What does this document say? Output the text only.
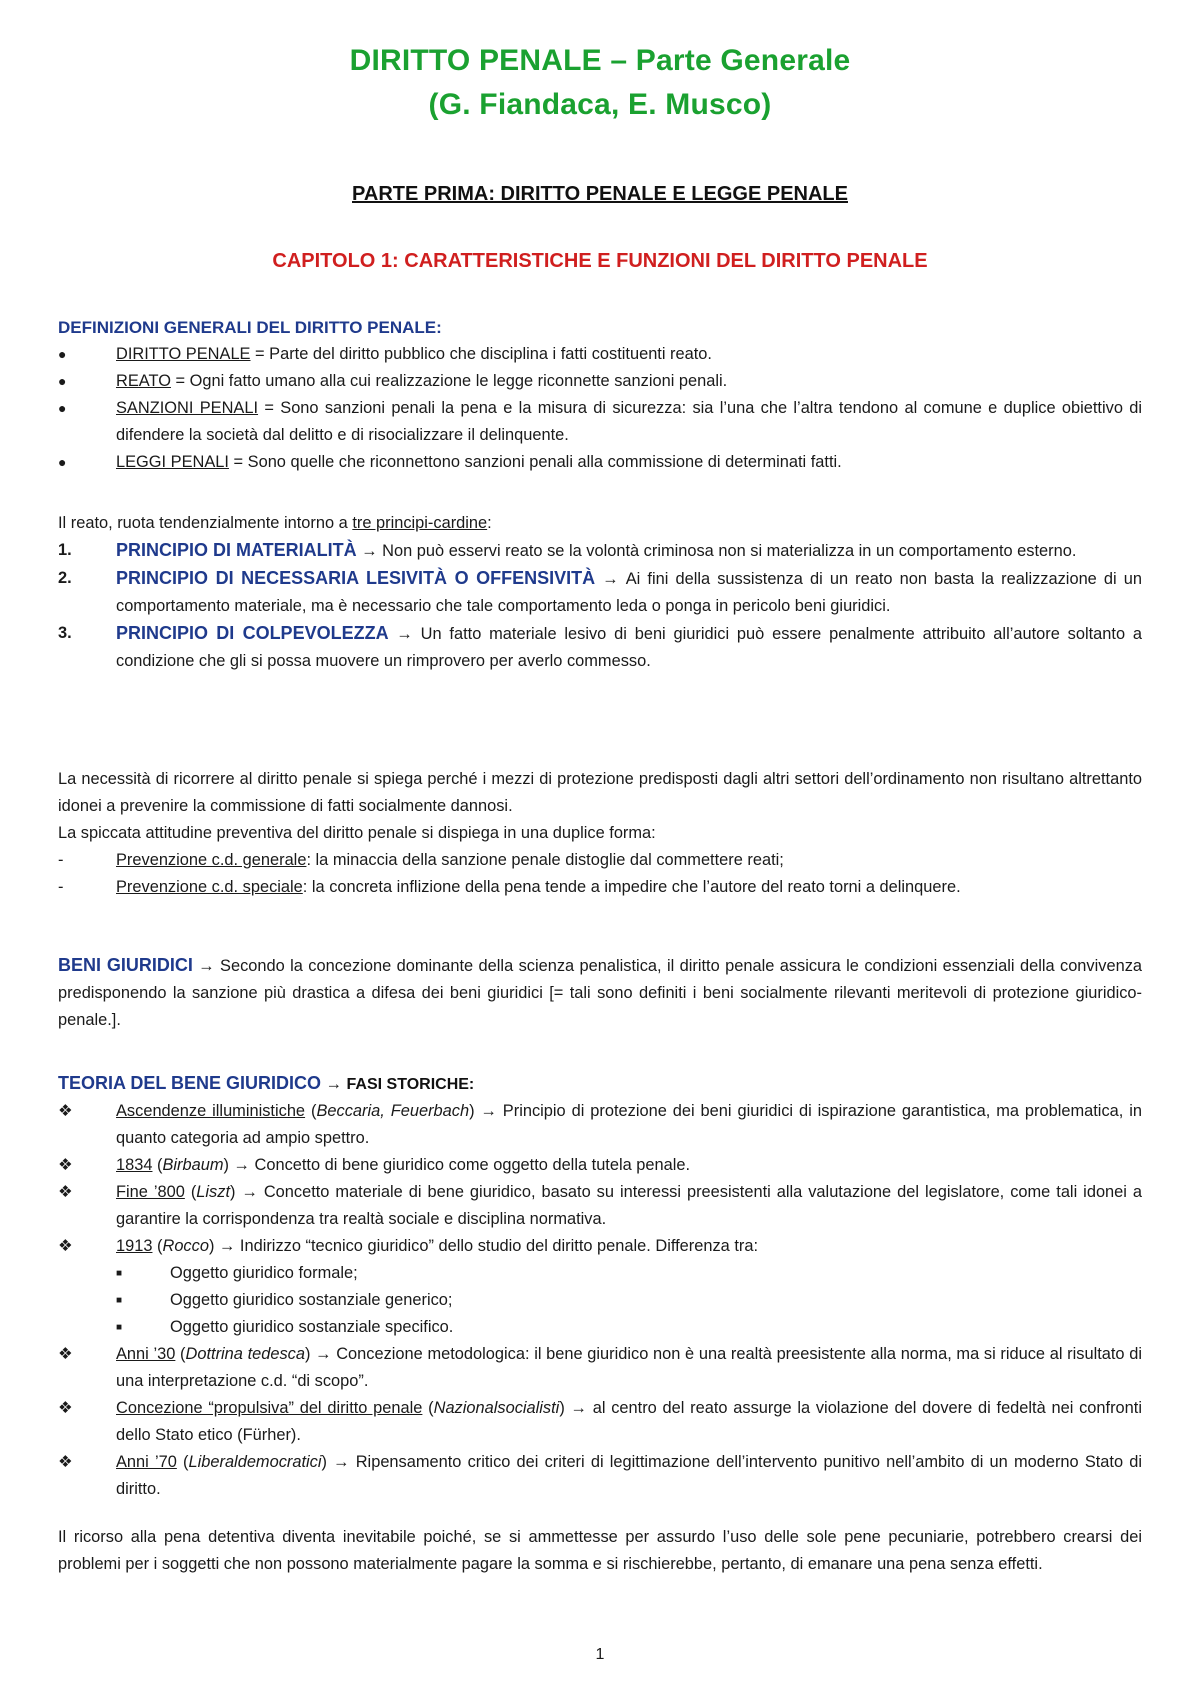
DIRITTO PENALE – Parte Generale
(G. Fiandaca, E. Musco)
PARTE PRIMA: DIRITTO PENALE E LEGGE PENALE
CAPITOLO 1: CARATTERISTICHE E FUNZIONI DEL DIRITTO PENALE
DEFINIZIONI GENERALI DEL DIRITTO PENALE:
●	DIRITTO PENALE = Parte del diritto pubblico che disciplina i fatti costituenti reato.
●	REATO = Ogni fatto umano alla cui realizzazione le legge riconnette sanzioni penali.
●	SANZIONI PENALI = Sono sanzioni penali la pena e la misura di sicurezza: sia l’una che l’altra tendono al comune e duplice obiettivo di difendere la società dal delitto e di risocializzare il delinquente.
●	LEGGI PENALI = Sono quelle che riconnettono sanzioni penali alla commissione di determinati fatti.
Il reato, ruota tendenzialmente intorno a tre principi-cardine:
1.	PRINCIPIO DI MATERIALITÀ → Non può esservi reato se la volontà criminosa non si materializza in un comportamento esterno.
2.	PRINCIPIO DI NECESSARIA LESIVITÀ O OFFENSIVITÀ → Ai fini della sussistenza di un reato non basta la realizzazione di un comportamento materiale, ma è necessario che tale comportamento leda o ponga in pericolo beni giuridici.
3.	PRINCIPIO DI COLPEVOLEZZA → Un fatto materiale lesivo di beni giuridici può essere penalmente attribuito all’autore soltanto a condizione che gli si possa muovere un rimprovero per averlo commesso.
La necessità di ricorrere al diritto penale si spiega perché i mezzi di protezione predisposti dagli altri settori dell’ordinamento non risultano altrettanto idonei a prevenire la commissione di fatti socialmente dannosi.
La spiccata attitudine preventiva del diritto penale si dispiega in una duplice forma:
-	Prevenzione c.d. generale: la minaccia della sanzione penale distoglie dal commettere reati;
-	Prevenzione c.d. speciale: la concreta inflizione della pena tende a impedire che l’autore del reato torni a delinquere.
BENI GIURIDICI → Secondo la concezione dominante della scienza penalistica, il diritto penale assicura le condizioni essenziali della convivenza predisponendo la sanzione più drastica a difesa dei beni giuridici [= tali sono definiti i beni socialmente rilevanti meritevoli di protezione giuridico-penale.].
TEORIA DEL BENE GIURIDICO → FASI STORICHE:
❖	Ascendenze illuministiche (Beccaria, Feuerbach) → Principio di protezione dei beni giuridici di ispirazione garantistica, ma problematica, in quanto categoria ad ampio spettro.
❖	1834 (Birbaum) → Concetto di bene giuridico come oggetto della tutela penale.
❖	Fine ’800 (Liszt) → Concetto materiale di bene giuridico, basato su interessi preesistenti alla valutazione del legislatore, come tali idonei a garantire la corrispondenza tra realtà sociale e disciplina normativa.
❖	1913 (Rocco) → Indirizzo “tecnico giuridico” dello studio del diritto penale. Differenza tra:
■	Oggetto giuridico formale;
■	Oggetto giuridico sostanziale generico;
■	Oggetto giuridico sostanziale specifico.
❖	Anni ’30 (Dottrina tedesca) → Concezione metodologica: il bene giuridico non è una realtà preesistente alla norma, ma si riduce al risultato di una interpretazione c.d. “di scopo”.
❖	Concezione “propulsiva” del diritto penale (Nazionalsocialisti) → al centro del reato assurge la violazione del dovere di fedeltà nei confronti dello Stato etico (Fürher).
❖	Anni ’70 (Liberaldemocratici) → Ripensamento critico dei criteri di legittimazione dell’intervento punitivo nell’ambito di un moderno Stato di diritto.
Il ricorso alla pena detentiva diventa inevitabile poiché, se si ammettesse per assurdo l’uso delle sole pene pecuniarie, potrebbero crearsi dei problemi per i soggetti che non possono materialmente pagare la somma e si rischierebbe, pertanto, di emanare una pena senza effetti.
1
